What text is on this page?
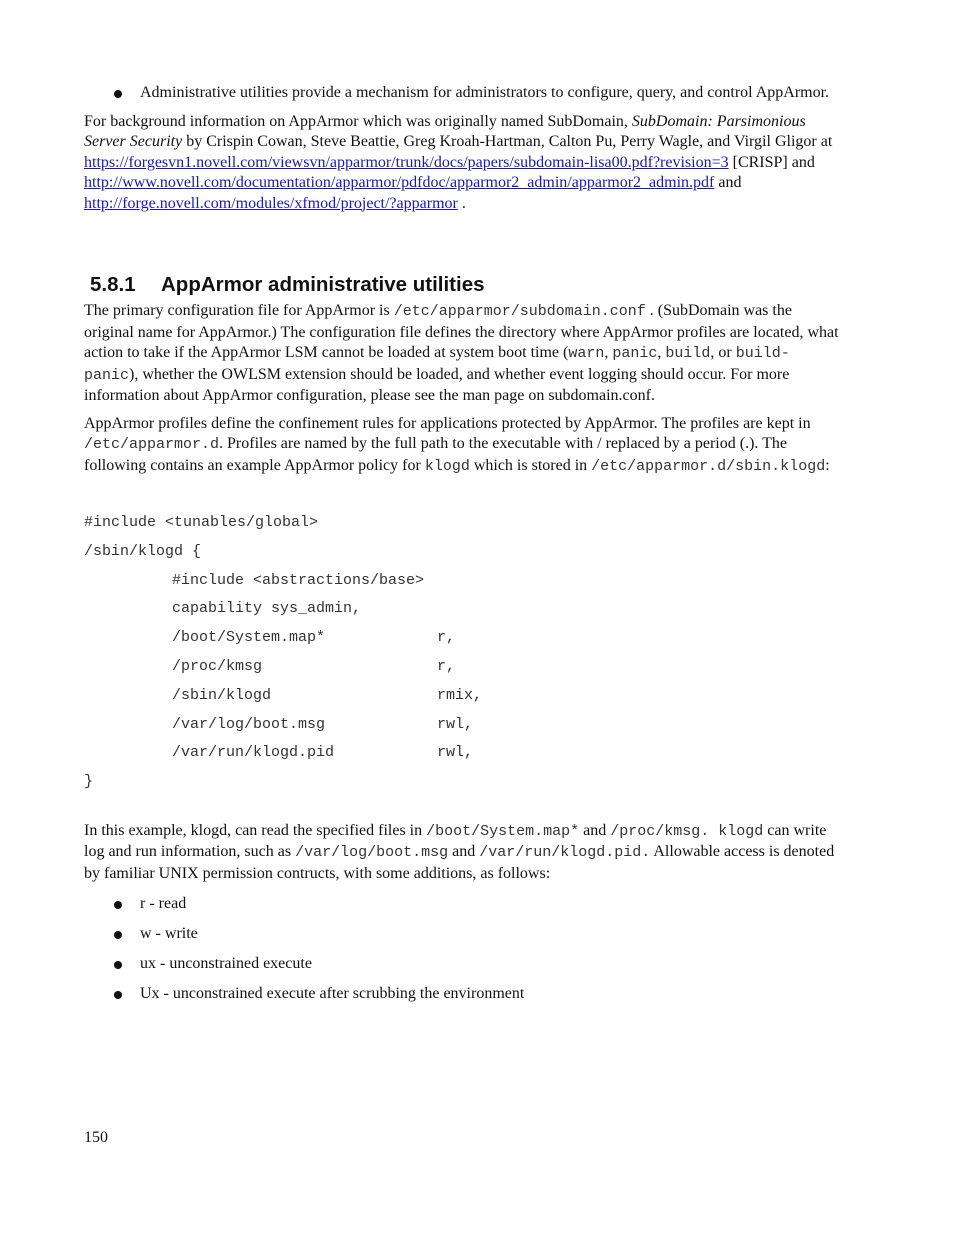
Administrative utilities provide a mechanism for administrators to configure, query, and control AppArmor.

For background information on AppArmor which was originally named SubDomain, SubDomain: Parsimonious Server Security by Crispin Cowan, Steve Beattie, Greg Kroah-Hartman, Calton Pu, Perry Wagle, and Virgil Gligor at https://forgesvn1.novell.com/viewsvn/apparmor/trunk/docs/papers/subdomain-lisa00.pdf?revision=3 [CRISP] and
http://www.novell.com/documentation/apparmor/pdfdoc/apparmor2_admin/apparmor2_admin.pdf and
http://forge.novell.com/modules/xfmod/project/?apparmor .

5.8.1 AppArmor administrative utilities

The primary configuration file for AppArmor is /etc/apparmor/subdomain.conf . (SubDomain was the original name for AppArmor.) The configuration file defines the directory where AppArmor profiles are located, what action to take if the AppArmor LSM cannot be loaded at system boot time (warn, panic, build, or build-panic), whether the OWLSM extension should be loaded, and whether event logging should occur. For more information about AppArmor configuration, please see the man page on subdomain.conf.

AppArmor profiles define the confinement rules for applications protected by AppArmor. The profiles are kept in /etc/apparmor.d. Profiles are named by the full path to the executable with / replaced by a period (.). The following contains an example AppArmor policy for klogd which is stored in /etc/apparmor.d/sbin.klogd:

#include <tunables/global>
/sbin/klogd {
#include <abstractions/base>
capability sys_admin,
/boot/System.map*	r,
/proc/kmsg	r,
/sbin/klogd	rmix,
/var/log/boot.msg	rwl,
/var/run/klogd.pid	rwl,
}

In this example, klogd, can read the specified files in /boot/System.map* and /proc/kmsg. klogd can write log and run information, such as /var/log/boot.msg and /var/run/klogd.pid. Allowable access is denoted by familiar UNIX permission contructs, with some additions, as follows:

r - read
w - write
ux - unconstrained execute
Ux - unconstrained execute after scrubbing the environment
150
